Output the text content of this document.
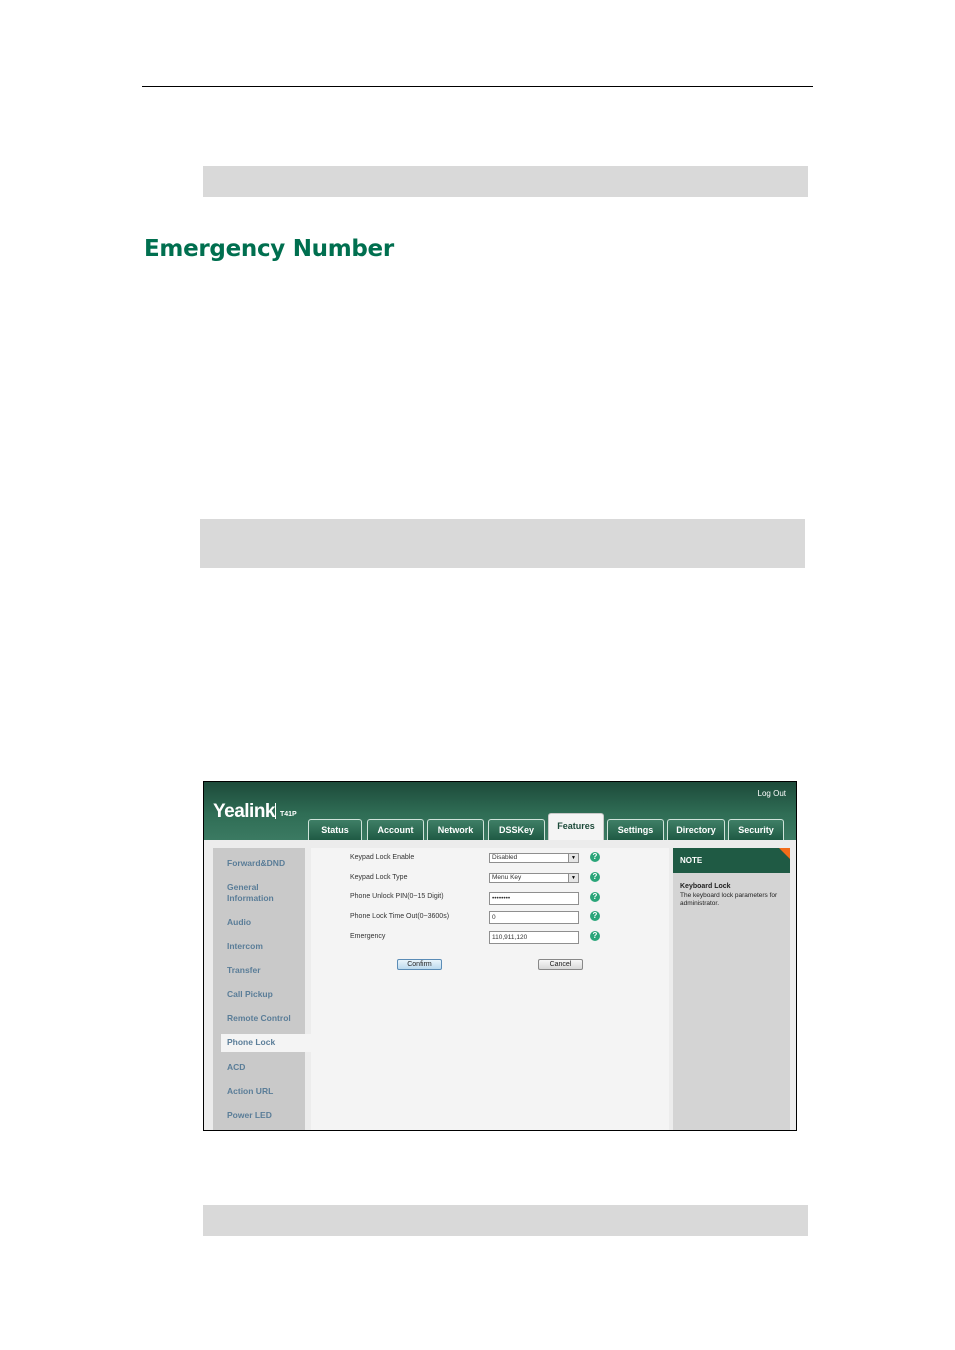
Emergency Number
Yealink T41P
Log Out
Status	Account	Network	DSSKey	Features	Settings	Directory	Security
Forward&DND
General Information
Audio
Intercom
Transfer
Call Pickup
Remote Control
Phone Lock
ACD
Action URL
Power LED
Keypad Lock Enable	Disabled	▼	?
Keypad Lock Type	Menu Key	▼	?
Phone Unlock PIN(0~15 Digit)	••••••••	?
Phone Lock Time Out(0~3600s)	0	?
Emergency	110,911,120	?
Confirm	Cancel
NOTE
Keyboard Lock
The keyboard lock parameters for administrator.
